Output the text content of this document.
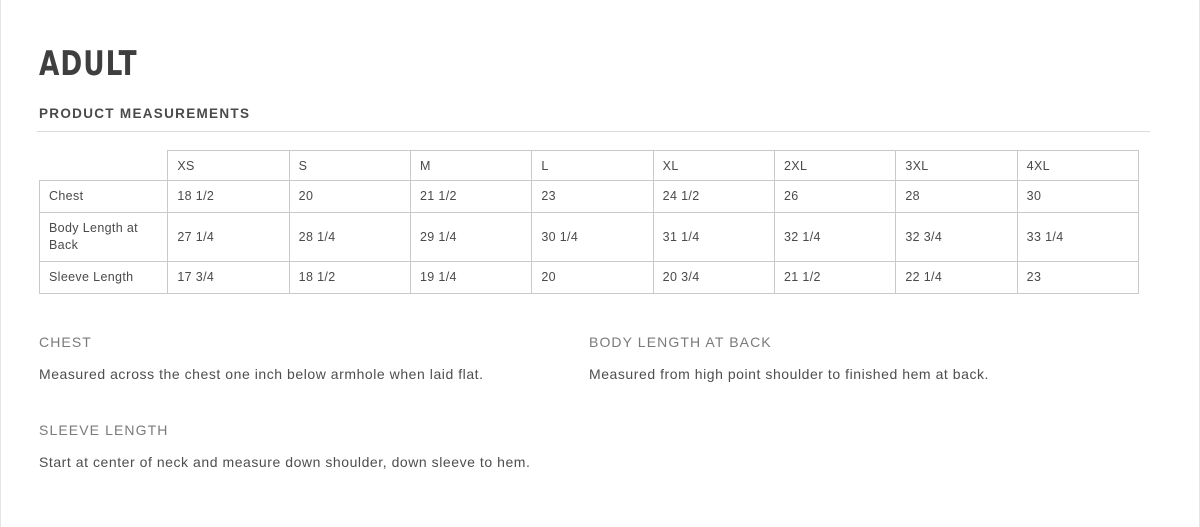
ADULT
PRODUCT MEASUREMENTS
	XS	S	M	L	XL	2XL	3XL	4XL
Chest	18 1/2	20	21 1/2	23	24 1/2	26	28	30
Body Length at Back	27 1/4	28 1/4	29 1/4	30 1/4	31 1/4	32 1/4	32 3/4	33 1/4
Sleeve Length	17 3/4	18 1/2	19 1/4	20	20 3/4	21 1/2	22 1/4	23
CHEST

Measured across the chest one inch below armhole when laid flat.

BODY LENGTH AT BACK

Measured from high point shoulder to finished hem at back.

SLEEVE LENGTH

Start at center of neck and measure down shoulder, down sleeve to hem.
